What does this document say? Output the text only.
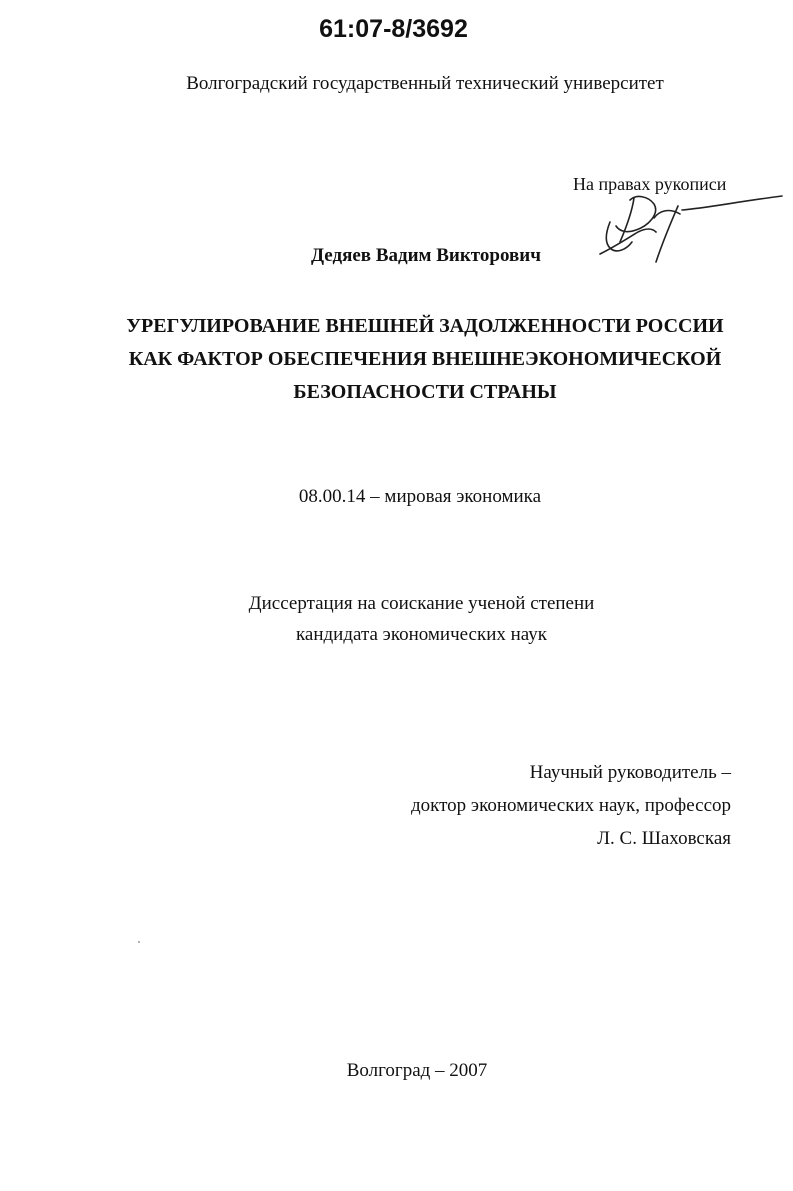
61:07-8/3692
Волгоградский государственный технический университет
На правах рукописи
Дедяев Вадим Викторович
УРЕГУЛИРОВАНИЕ ВНЕШНЕЙ ЗАДОЛЖЕННОСТИ РОССИИ
КАК ФАКТОР ОБЕСПЕЧЕНИЯ ВНЕШНЕЭКОНОМИЧЕСКОЙ
БЕЗОПАСНОСТИ СТРАНЫ
08.00.14 – мировая экономика
Диссертация на соискание ученой степени
кандидата экономических наук
Научный руководитель –
доктор экономических наук, профессор
Л. С. Шаховская
Волгоград – 2007
